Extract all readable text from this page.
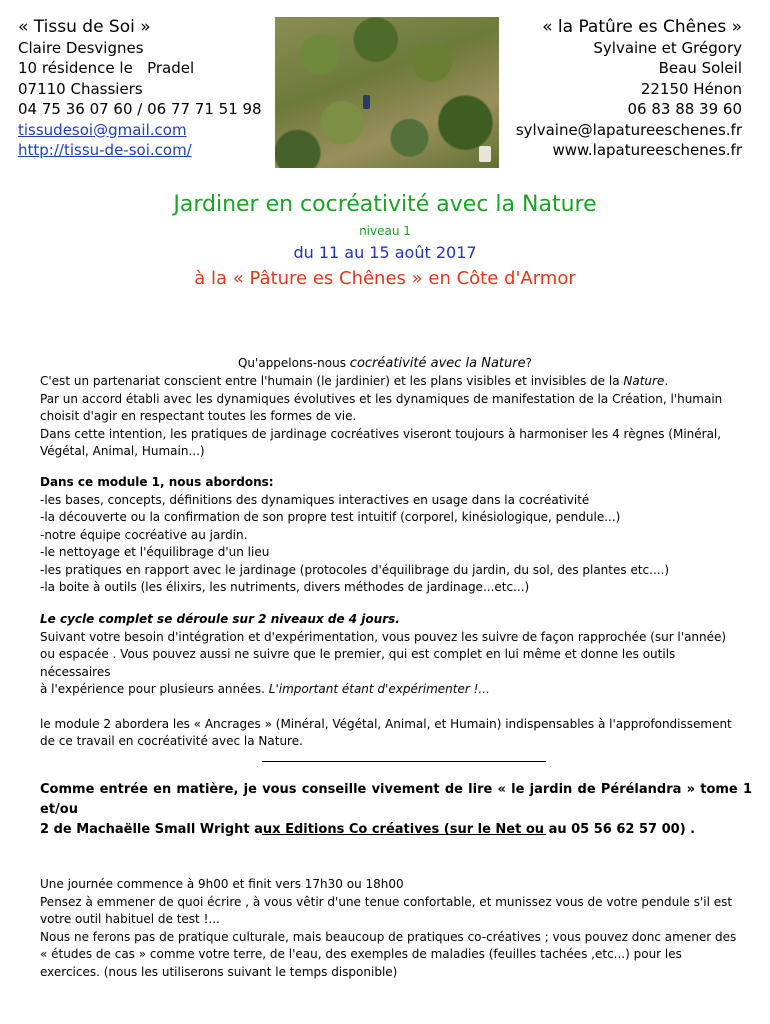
« Tissu de Soi »
Claire Desvignes
10 résidence le   Pradel
07110 Chassiers
04 75 36 07 60 / 06 77 71 51 98
tissudesoi@gmail.com
http://tissu-de-soi.com/
« la Patûre es Chênes »
Sylvaine et Grégory
Beau Soleil
22150 Hénon
06 83 88 39 60
sylvaine@lapatureeschenes.fr
www.lapatureeschenes.fr
Jardiner en cocréativité avec la Nature
niveau 1
du 11 au 15 août 2017
à la « Pâture es Chênes » en Côte d'Armor
Qu'appelons-nous cocréativité avec la Nature?

C'est un partenariat conscient entre l'humain (le jardinier) et les plans visibles et invisibles de la Nature.

Par un accord établi avec les dynamiques évolutives et les dynamiques de manifestation de la Création, l'humain

choisit d'agir en respectant toutes les formes de vie.

Dans cette intention, les pratiques de jardinage cocréatives viseront toujours à harmoniser les 4 règnes (Minéral,

Végétal, Animal, Humain...)

Dans ce module 1, nous abordons:

-les bases, concepts, définitions des dynamiques interactives en usage dans la cocréativité

-la découverte ou la confirmation de son propre test intuitif (corporel, kinésiologique, pendule...)

-notre équipe cocréative au jardin.

-le nettoyage et l'équilibrage d'un lieu

-les pratiques en rapport avec le jardinage (protocoles d'équilibrage du jardin, du sol, des plantes etc....)

-la boite à outils (les élixirs, les nutriments, divers méthodes de jardinage...etc...)

Le cycle complet se déroule sur 2 niveaux de 4 jours.

Suivant votre besoin d'intégration et d'expérimentation, vous pouvez les suivre de façon rapprochée (sur l'année)

ou espacée . Vous pouvez aussi ne suivre que le premier, qui est complet en lui même et donne les outils nécessaires

à l'expérience pour plusieurs années. L'important étant d'expérimenter !...

le module 2 abordera les « Ancrages » (Minéral, Végétal, Animal, et Humain) indispensables à l'approfondissement

de ce travail en cocréativité avec la Nature.

Comme entrée en matière, je vous conseille vivement de lire « le jardin de Pérélandra » tome 1 et/ou
2 de Machaëlle Small Wright aux Editions Co créatives (sur le Net ou au 05 56 62 57 00) .

Une journée commence à 9h00 et finit vers 17h30 ou 18h00

Pensez à emmener de quoi écrire , à vous vêtir d'une tenue confortable, et munissez vous de votre pendule s'il est

votre outil habituel de test !...

Nous ne ferons pas de pratique culturale, mais beaucoup de pratiques co-créatives ; vous pouvez donc amener des

« études de cas » comme votre terre, de l'eau, des exemples de maladies (feuilles tachées ,etc...) pour les

exercices. (nous les utiliserons suivant le temps disponible)
